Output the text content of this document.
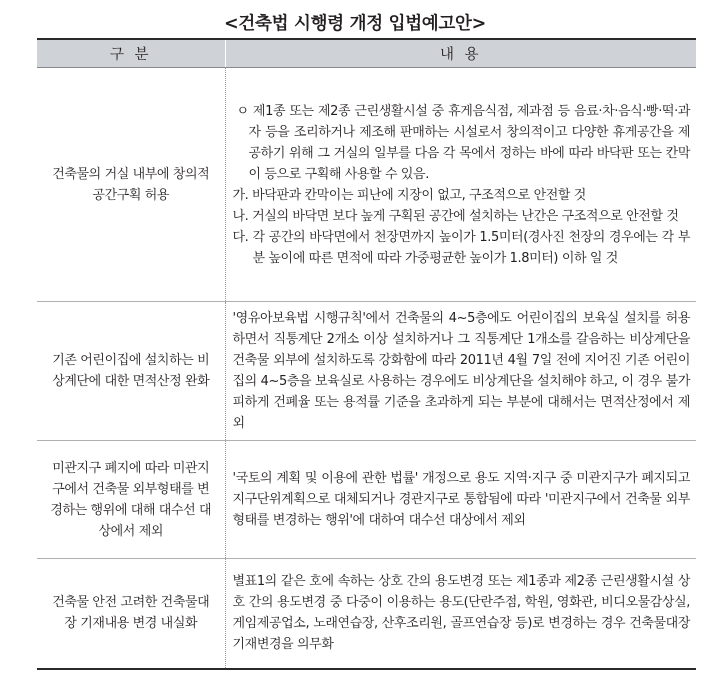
<건축법 시행령 개정 입법예고안>
구 분	내 용
건축물의 거실 내부에 창의적 공간구획 허용	ㅇ 제1종 또는 제2종 근린생활시설 중 휴게음식점, 제과점 등 음료·차·음식·빵·떡·과자 등을 조리하거나 제조해 판매하는 시설로서 창의적이고 다양한 휴게공간을 제공하기 위해 그 거실의 일부를 다음 각 목에서 정하는 바에 따라 바닥판 또는 칸막이 등으로 구획해 사용할 수 있음.
가. 바닥판과 칸막이는 피난에 지장이 없고, 구조적으로 안전할 것
나. 거실의 바닥면 보다 높게 구획된 공간에 설치하는 난간은 구조적으로 안전할 것
다. 각 공간의 바닥면에서 천장면까지 높이가 1.5미터(경사진 천장의 경우에는 각 부분 높이에 따른 면적에 따라 가중평균한 높이가 1.8미터) 이하 일 것

기존 어린이집에 설치하는 비상계단에 대한 면적산정 완화	'영유아보육법 시행규칙'에서 건축물의 4~5층에도 어린이집의 보육실 설치를 허용하면서 직통계단 2개소 이상 설치하거나 그 직통계단 1개소를 갈음하는 비상계단을 건축물 외부에 설치하도록 강화함에 따라 2011년 4월 7일 전에 지어진 기존 어린이집의 4~5층을 보육실로 사용하는 경우에도 비상계단을 설치해야 하고, 이 경우 불가피하게 건폐율 또는 용적률 기준을 초과하게 되는 부분에 대해서는 면적산정에서 제외
미관지구 폐지에 따라 미관지구에서 건축물 외부형태를 변경하는 행위에 대해 대수선 대상에서 제외	'국토의 계획 및 이용에 관한 법률' 개정으로 용도 지역·지구 중 미관지구가 폐지되고 지구단위계획으로 대체되거나 경관지구로 통합됨에 따라 '미관지구에서 건축물 외부형태를 변경하는 행위'에 대하여 대수선 대상에서 제외
건축물 안전 고려한 건축물대장 기재내용 변경 내실화	별표1의 같은 호에 속하는 상호 간의 용도변경 또는 제1종과 제2종 근린생활시설 상호 간의 용도변경 중 다중이 이용하는 용도(단란주점, 학원, 영화관, 비디오물감상실, 게임제공업소, 노래연습장, 산후조리원, 골프연습장 등)로 변경하는 경우 건축물대장 기재변경을 의무화
